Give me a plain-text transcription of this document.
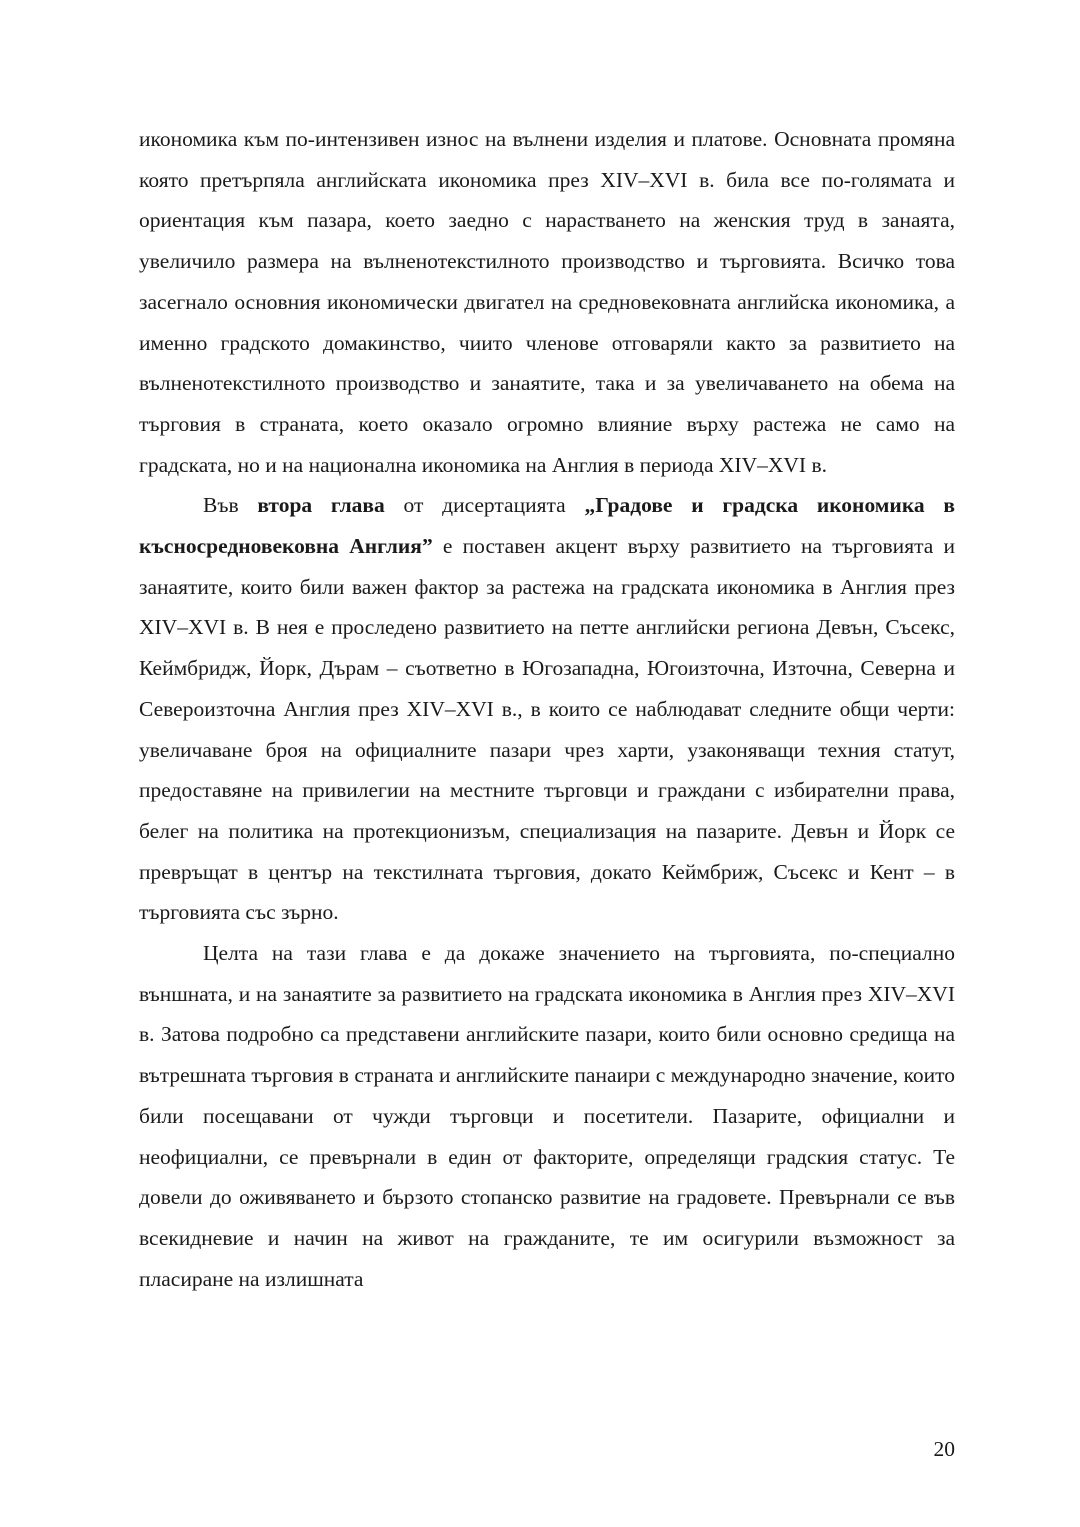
икономика към по-интензивен износ на вълнени изделия и платове. Основната промяна която претърпяла английската икономика през XIV–XVI в. била все по-голямата и ориентация към пазара, което заедно с нарастването на женския труд в занаята, увеличило размера на вълненотекстилното производство и търговията. Всичко това засегнало основния икономически двигател на средновековната английска икономика, а именно градското домакинство, чиито членове отговаряли както за развитието на вълненотекстилното производство и занаятите, така и за увеличаването на обема на търговия в страната, което оказало огромно влияние върху растежа не само на градската, но и на национална икономика на Англия в периода XIV–XVI в.

Във втора глава от дисертацията „Градове и градска икономика в късносредновековна Англия” е поставен акцент върху развитието на търговията и занаятите, които били важен фактор за растежа на градската икономика в Англия през XIV–XVI в. В нея е проследено развитието на петте английски региона Девън, Съсекс, Кеймбридж, Йорк, Дърам – съответно в Югозападна, Югоизточна, Източна, Северна и Североизточна Англия през XIV–XVI в., в които се наблюдават следните общи черти: увеличаване броя на официалните пазари чрез харти, узаконяващи техния статут, предоставяне на привилегии на местните търговци и граждани с избирателни права, белег на политика на протекционизъм, специализация на пазарите. Девън и Йорк се превръщат в център на текстилната търговия, докато Кеймбриж, Съсекс и Кент – в търговията със зърно.

Целта на тази глава е да докаже значението на търговията, по-специално външната, и на занаятите за развитието на градската икономика в Англия през XIV–XVI в. Затова подробно са представени английските пазари, които били основно средища на вътрешната търговия в страната и английските панаири с международно значение, които били посещавани от чужди търговци и посетители. Пазарите, официални и неофициални, се превърнали в един от факторите, определящи градския статус. Те довели до оживяването и бързото стопанско развитие на градовете. Превърнали се във всекидневие и начин на живот на гражданите, те им осигурили възможност за пласиране на излишната

20
